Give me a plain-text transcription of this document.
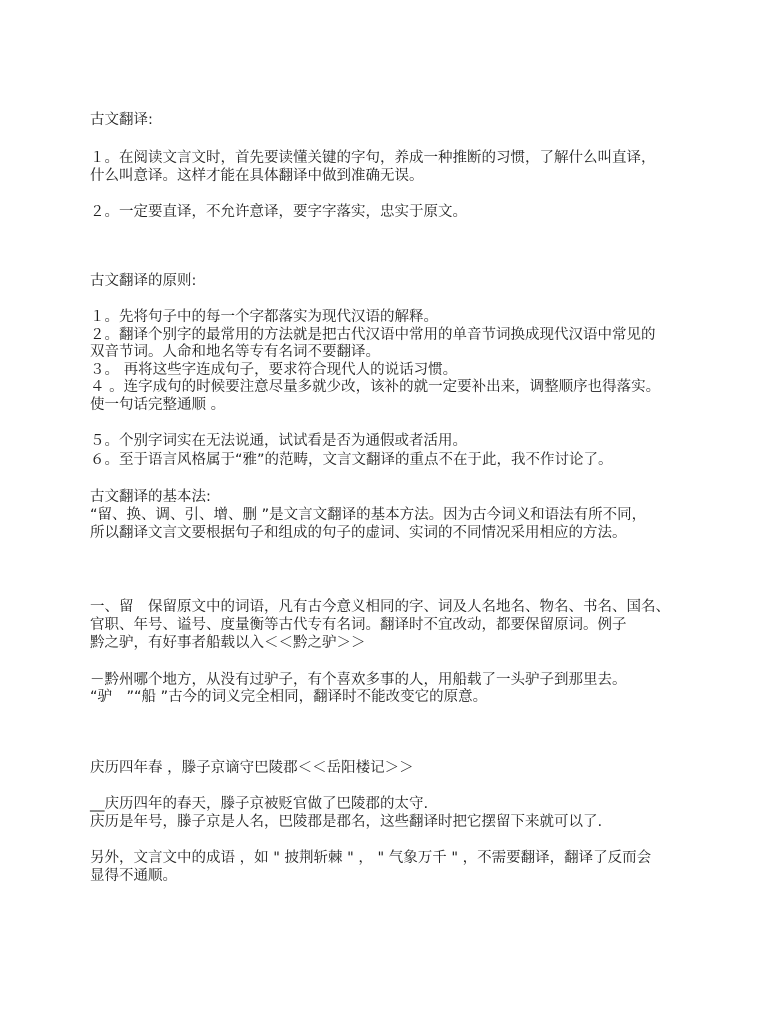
古文翻译:
１。在阅读文言文时，首先要读懂关键的字句，养成一种推断的习惯，了解什么叫直译，
什么叫意译。这样才能在具体翻译中做到准确无误。
２。一定要直译，不允许意译，要字字落实，忠实于原文。
古文翻译的原则:
１。先将句子中的每一个字都落实为现代汉语的解释。
２。翻译个别字的最常用的方法就是把古代汉语中常用的单音节词换成现代汉语中常见的
双音节词。人命和地名等专有名词不要翻译。
３。 再将这些字连成句子，要求符合现代人的说话习惯。
４ 。连字成句的时候要注意尽量多就少改，该补的就一定要补出来，调整顺序也得落实。
使一句话完整通顺 。
５。个别字词实在无法说通，试试看是否为通假或者活用。
６。至于语言风格属于“雅”的范畴，文言文翻译的重点不在于此，我不作讨论了。
古文翻译的基本法:
“留、换、调、引、增、删 ”是文言文翻译的基本方法。因为古今词义和语法有所不同，
所以翻译文言文要根据句子和组成的句子的虚词、实词的不同情况采用相应的方法。
一、留　保留原文中的词语，凡有古今意义相同的字、词及人名地名、物名、书名、国名、
官职、年号、谥号、度量衡等古代专有名词。翻译时不宜改动，都要保留原词。例子
黔之驴，有好事者船载以入＜＜黔之驴＞＞
－黔州哪个地方，从没有过驴子，有个喜欢多事的人，用船载了一头驴子到那里去。
“驴　”“船 ”古今的词义完全相同，翻译时不能改变它的原意。
庆历四年春 ，滕子京谪守巴陵郡＜＜岳阳楼记＞＞
__庆历四年的春天，滕子京被贬官做了巴陵郡的太守.
庆历是年号，滕子京是人名，巴陵郡是郡名，这些翻译时把它摆留下来就可以了.
另外，文言文中的成语 ，如 " 披荆斩棘 " ， " 气象万千 " ，不需要翻译，翻译了反而会
显得不通顺。
